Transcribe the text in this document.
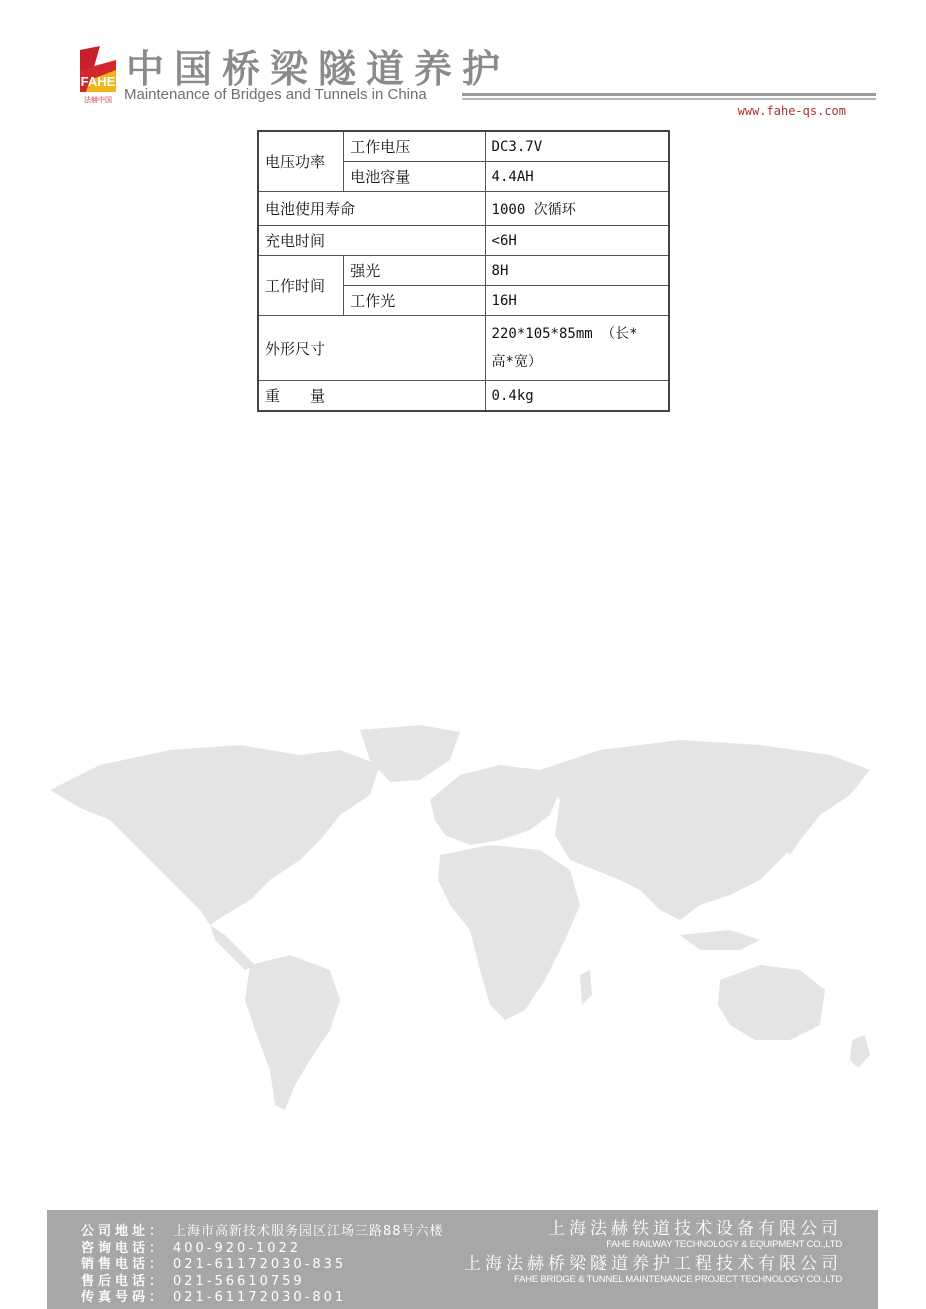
FAHE
法赫中国
中国桥梁隧道养护
Maintenance of Bridges and Tunnels in China
www.fahe-qs.com
电压功率	工作电压	DC3.7V
	电池容量	4.4AH
电池使用寿命		1000 次循环
充电时间		<6H
工作时间	强光	8H
	工作光	16H
外形尺寸		220*105*85mm （长*
高*宽）
重　　量		0.4kg
公司地址： 上海市高新技术服务园区江场三路88号六楼
咨询电话： 400-920-1022
销售电话： 021-61172030-835
售后电话： 021-56610759
传真号码： 021-61172030-801
上海法赫铁道技术设备有限公司
FAHE RAILWAY TECHNOLOGY & EQUIPMENT CO.,LTD
上海法赫桥梁隧道养护工程技术有限公司
FAHE BRIDGE & TUNNEL MAINTENANCE PROJECT TECHNOLOGY CO.,LTD
